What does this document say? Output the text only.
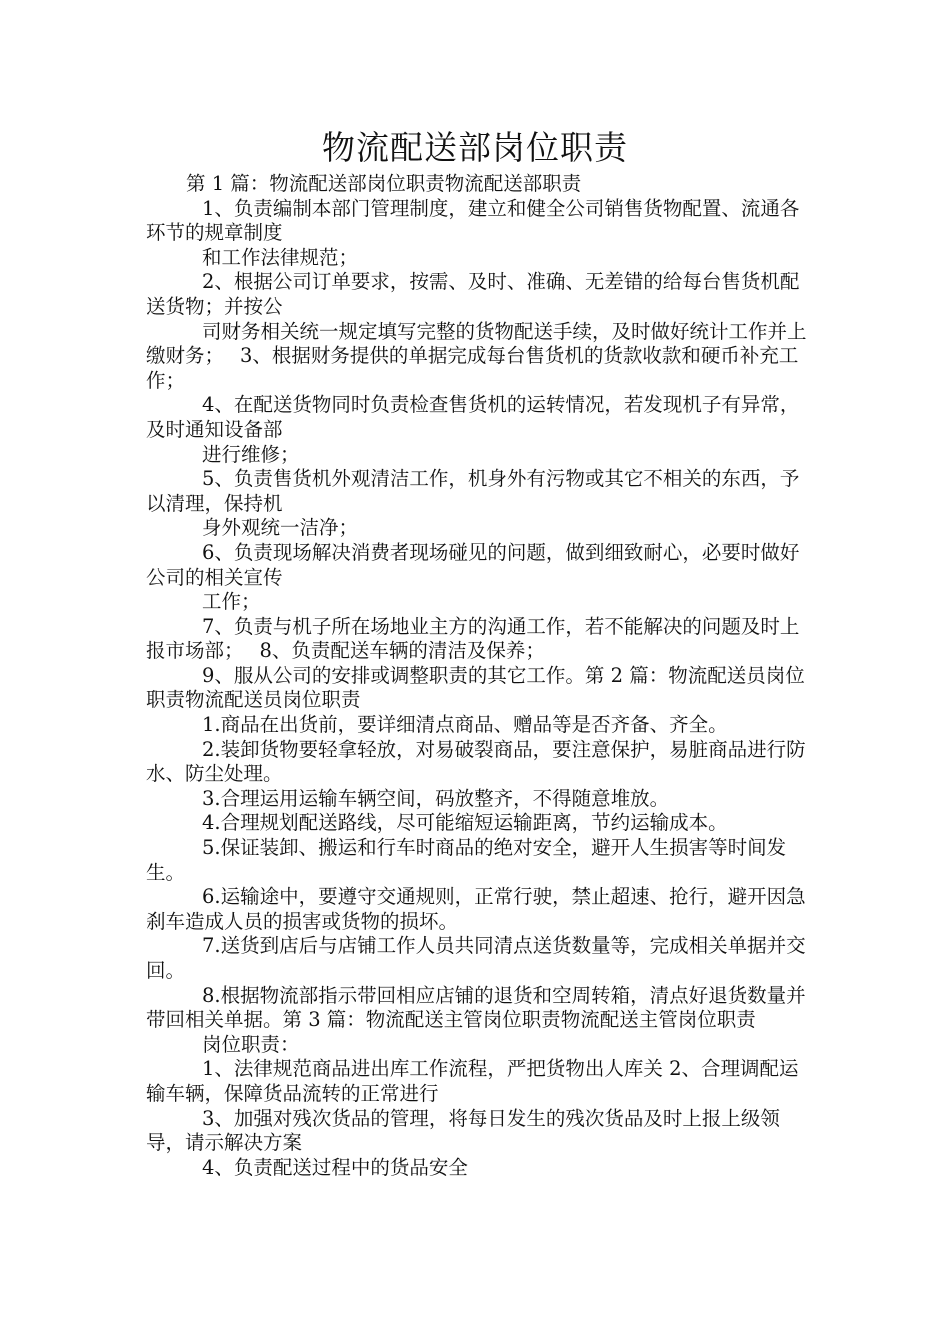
物流配送部岗位职责

第 1 篇：物流配送部岗位职责物流配送部职责

1、负责编制本部门管理制度，建立和健全公司销售货物配置、流通各环节的规章制度

和工作法律规范；

2、根据公司订单要求，按需、及时、准确、无差错的给每台售货机配送货物；并按公

司财务相关统一规定填写完整的货物配送手续，及时做好统计工作并上缴财务；　 3、根据财务提供的单据完成每台售货机的货款收款和硬币补充工作；

4、在配送货物同时负责检查售货机的运转情况，若发现机子有异常，及时通知设备部

进行维修；

5、负责售货机外观清洁工作，机身外有污物或其它不相关的东西，予以清理，保持机

身外观统一洁净；

6、负责现场解决消费者现场碰见的问题，做到细致耐心，必要时做好公司的相关宣传

工作；

7、负责与机子所在场地业主方的沟通工作，若不能解决的问题及时上报市场部；　 8、负责配送车辆的清洁及保养；

9、服从公司的安排或调整职责的其它工作。第 2 篇：物流配送员岗位职责物流配送员岗位职责

1.商品在出货前，要详细清点商品、赠品等是否齐备、齐全。

2.装卸货物要轻拿轻放，对易破裂商品，要注意保护，易脏商品进行防水、防尘处理。

3.合理运用运输车辆空间，码放整齐，不得随意堆放。

4.合理规划配送路线，尽可能缩短运输距离，节约运输成本。

5.保证装卸、搬运和行车时商品的绝对安全，避开人生损害等时间发生。

6.运输途中，要遵守交通规则，正常行驶，禁止超速、抢行，避开因急刹车造成人员的损害或货物的损坏。

7.送货到店后与店铺工作人员共同清点送货数量等，完成相关单据并交回。

8.根据物流部指示带回相应店铺的退货和空周转箱，清点好退货数量并带回相关单据。第 3 篇：物流配送主管岗位职责物流配送主管岗位职责

岗位职责：

1、法律规范商品进出库工作流程，严把货物出人库关 2、合理调配运输车辆，保障货品流转的正常进行

3、加强对残次货品的管理，将每日发生的残次货品及时上报上级领导，请示解决方案

4、负责配送过程中的货品安全
